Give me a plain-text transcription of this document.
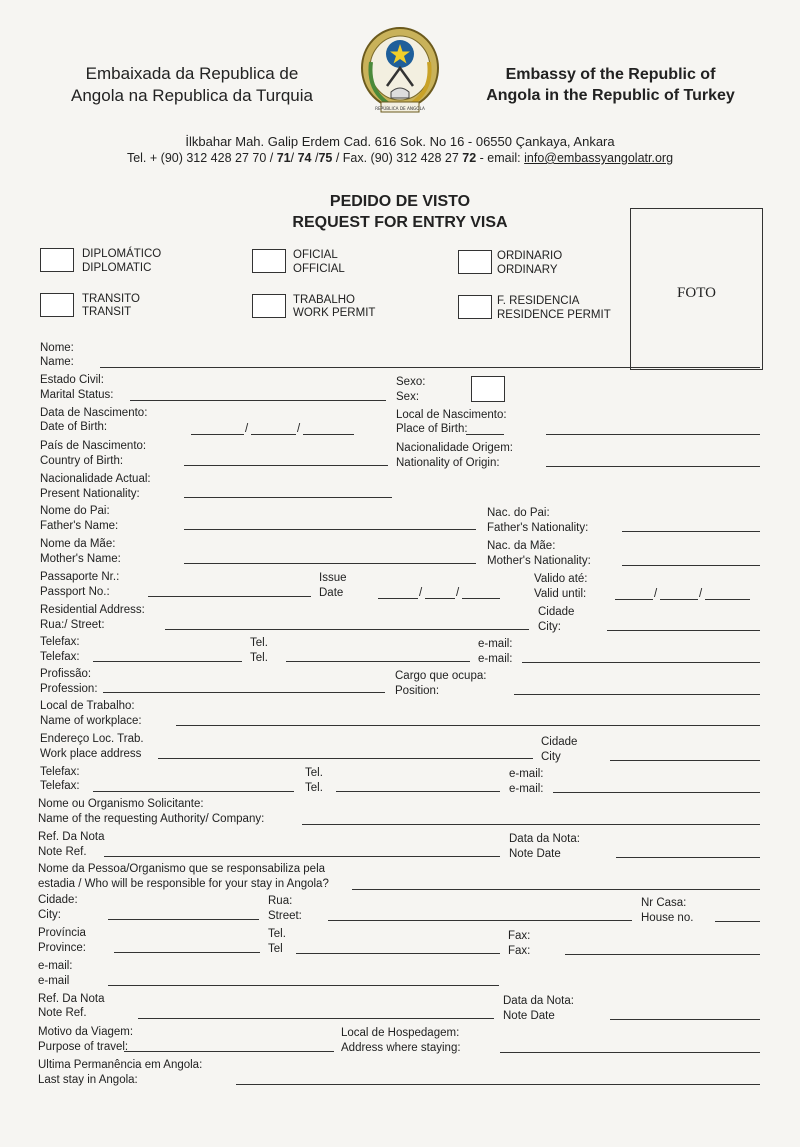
Embaixada da Republica de
Angola na Republica da Turquia
REPÚBLICA DE ANGOLA
Embassy of the Republic of
Angola in the Republic of Turkey
İlkbahar Mah. Galip Erdem Cad. 616 Sok. No 16 - 06550 Çankaya, Ankara
Tel. + (90) 312 428 27 70 / 71/ 74 /75 / Fax. (90) 312 428 27 72 - email: info@embassyangolatr.org
PEDIDO DE VISTO
REQUEST FOR ENTRY VISA
FOTO
DIPLOMÁTICO
DIPLOMATIC
OFICIAL
OFFICIAL
ORDINARIO
ORDINARY
TRANSITO
TRANSIT
TRABALHO
WORK PERMIT
F. RESIDENCIA
RESIDENCE PERMIT
Nome:
Name:
Estado Civil:
Marital Status:
Sexo:
Sex:
Data de Nascimento:
Date of Birth:	/	/
Local de Nascimento:
Place of Birth:
País de Nascimento:
Country of Birth:
Nacionalidade Origem:
Nationality of Origin:
Nacionalidade Actual:
Present Nationality:
Nome do Pai:
Father's Name:
Nac. do Pai:
Father's Nationality:
Nome da Mãe:
Mother's Name:
Nac. da Mãe:
Mother's Nationality:
Passaporte Nr.:
Passport No.:
Issue
Date	/	/
Valido até:
Valid until:	/	/
Residential Address:
Rua:/ Street:
Cidade
City:
Telefax:
Telefax:
Tel.
Tel.
e-mail:
e-mail:
Profissão:
Profession:
Cargo que ocupa:
Position:
Local de Trabalho:
Name of workplace:
Endereço Loc. Trab.
Work place address
Cidade
City
Telefax:
Telefax:
Tel.
Tel.
e-mail:
e-mail:
Nome ou Organismo Solicitante:
Name of the requesting Authority/ Company:
Ref. Da Nota
Note Ref.
Data da Nota:
Note Date
Nome da Pessoa/Organismo que se responsabiliza pela
estadia / Who will be responsible for your stay in Angola?
Cidade:
City:
Rua:
Street:
Nr Casa:
House no.
Província
Province:
Tel.
Tel
Fax:
Fax:
e-mail:
e-mail
Ref. Da Nota
Note Ref.
Data da Nota:
Note Date
Motivo da Viagem:
Purpose of travel:
Local de Hospedagem:
Address where staying:
Ultima Permanência em Angola:
Last stay in Angola:
